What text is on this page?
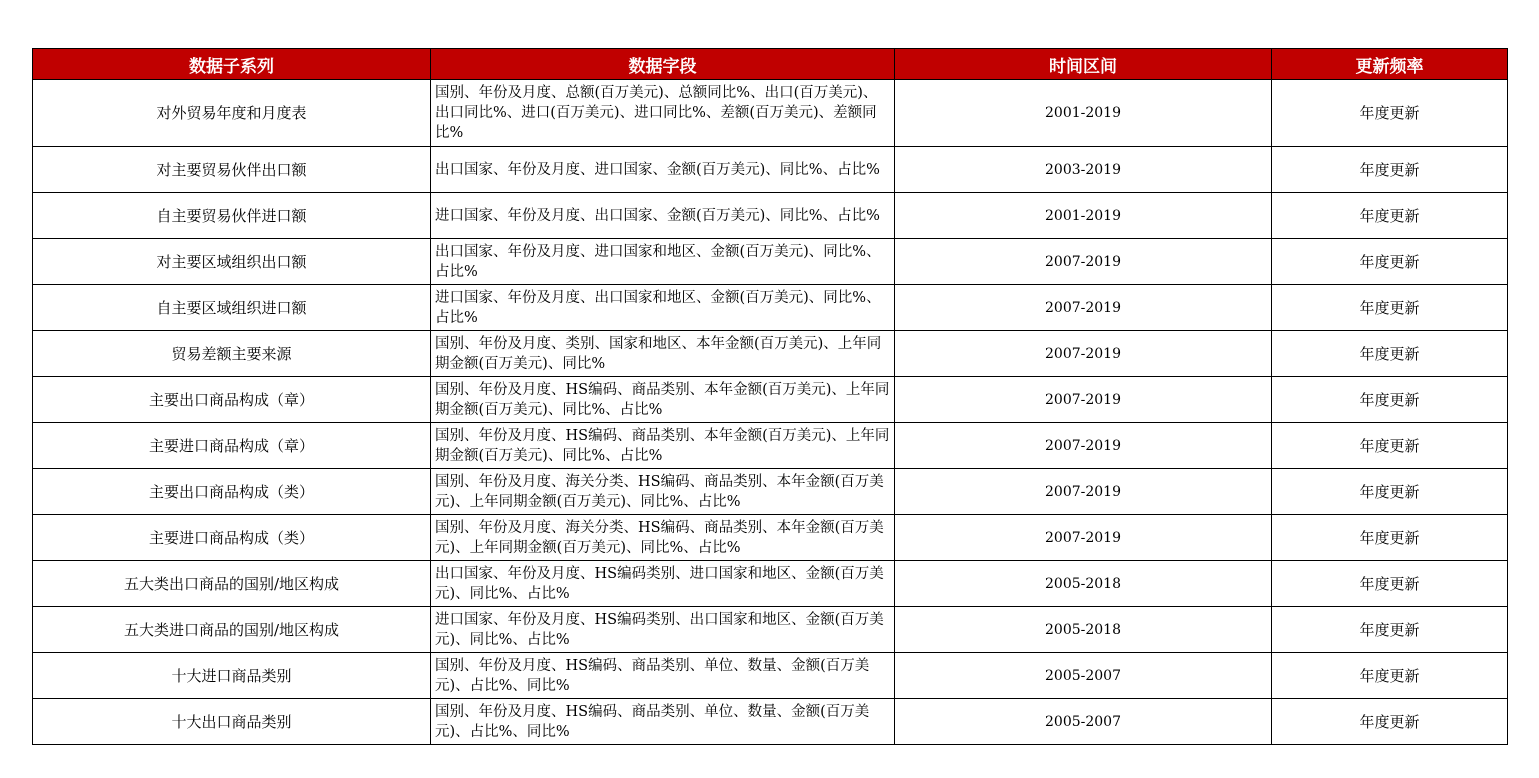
数据子系列	数据字段	时间区间	更新频率
对外贸易年度和月度表	国别、年份及月度、总额(百万美元)、总额同比%、出口(百万美元)、出口同比%、进口(百万美元)、进口同比%、差额(百万美元)、差额同比%	2001-2019	年度更新
对主要贸易伙伴出口额	出口国家、年份及月度、进口国家、金额(百万美元)、同比%、占比%	2003-2019	年度更新
自主要贸易伙伴进口额	进口国家、年份及月度、出口国家、金额(百万美元)、同比%、占比%	2001-2019	年度更新
对主要区域组织出口额	出口国家、年份及月度、进口国家和地区、金额(百万美元)、同比%、占比%	2007-2019	年度更新
自主要区域组织进口额	进口国家、年份及月度、出口国家和地区、金额(百万美元)、同比%、占比%	2007-2019	年度更新
贸易差额主要来源	国别、年份及月度、类别、国家和地区、本年金额(百万美元)、上年同期金额(百万美元)、同比%	2007-2019	年度更新
主要出口商品构成（章）	国别、年份及月度、HS编码、商品类别、本年金额(百万美元)、上年同期金额(百万美元)、同比%、占比%	2007-2019	年度更新
主要进口商品构成（章）	国别、年份及月度、HS编码、商品类别、本年金额(百万美元)、上年同期金额(百万美元)、同比%、占比%	2007-2019	年度更新
主要出口商品构成（类）	国别、年份及月度、海关分类、HS编码、商品类别、本年金额(百万美元)、上年同期金额(百万美元)、同比%、占比%	2007-2019	年度更新
主要进口商品构成（类）	国别、年份及月度、海关分类、HS编码、商品类别、本年金额(百万美元)、上年同期金额(百万美元)、同比%、占比%	2007-2019	年度更新
五大类出口商品的国别/地区构成	出口国家、年份及月度、HS编码类别、进口国家和地区、金额(百万美元)、同比%、占比%	2005-2018	年度更新
五大类进口商品的国别/地区构成	进口国家、年份及月度、HS编码类别、出口国家和地区、金额(百万美元)、同比%、占比%	2005-2018	年度更新
十大进口商品类别	国别、年份及月度、HS编码、商品类别、单位、数量、金额(百万美元)、占比%、同比%	2005-2007	年度更新
十大出口商品类别	国别、年份及月度、HS编码、商品类别、单位、数量、金额(百万美元)、占比%、同比%	2005-2007	年度更新
